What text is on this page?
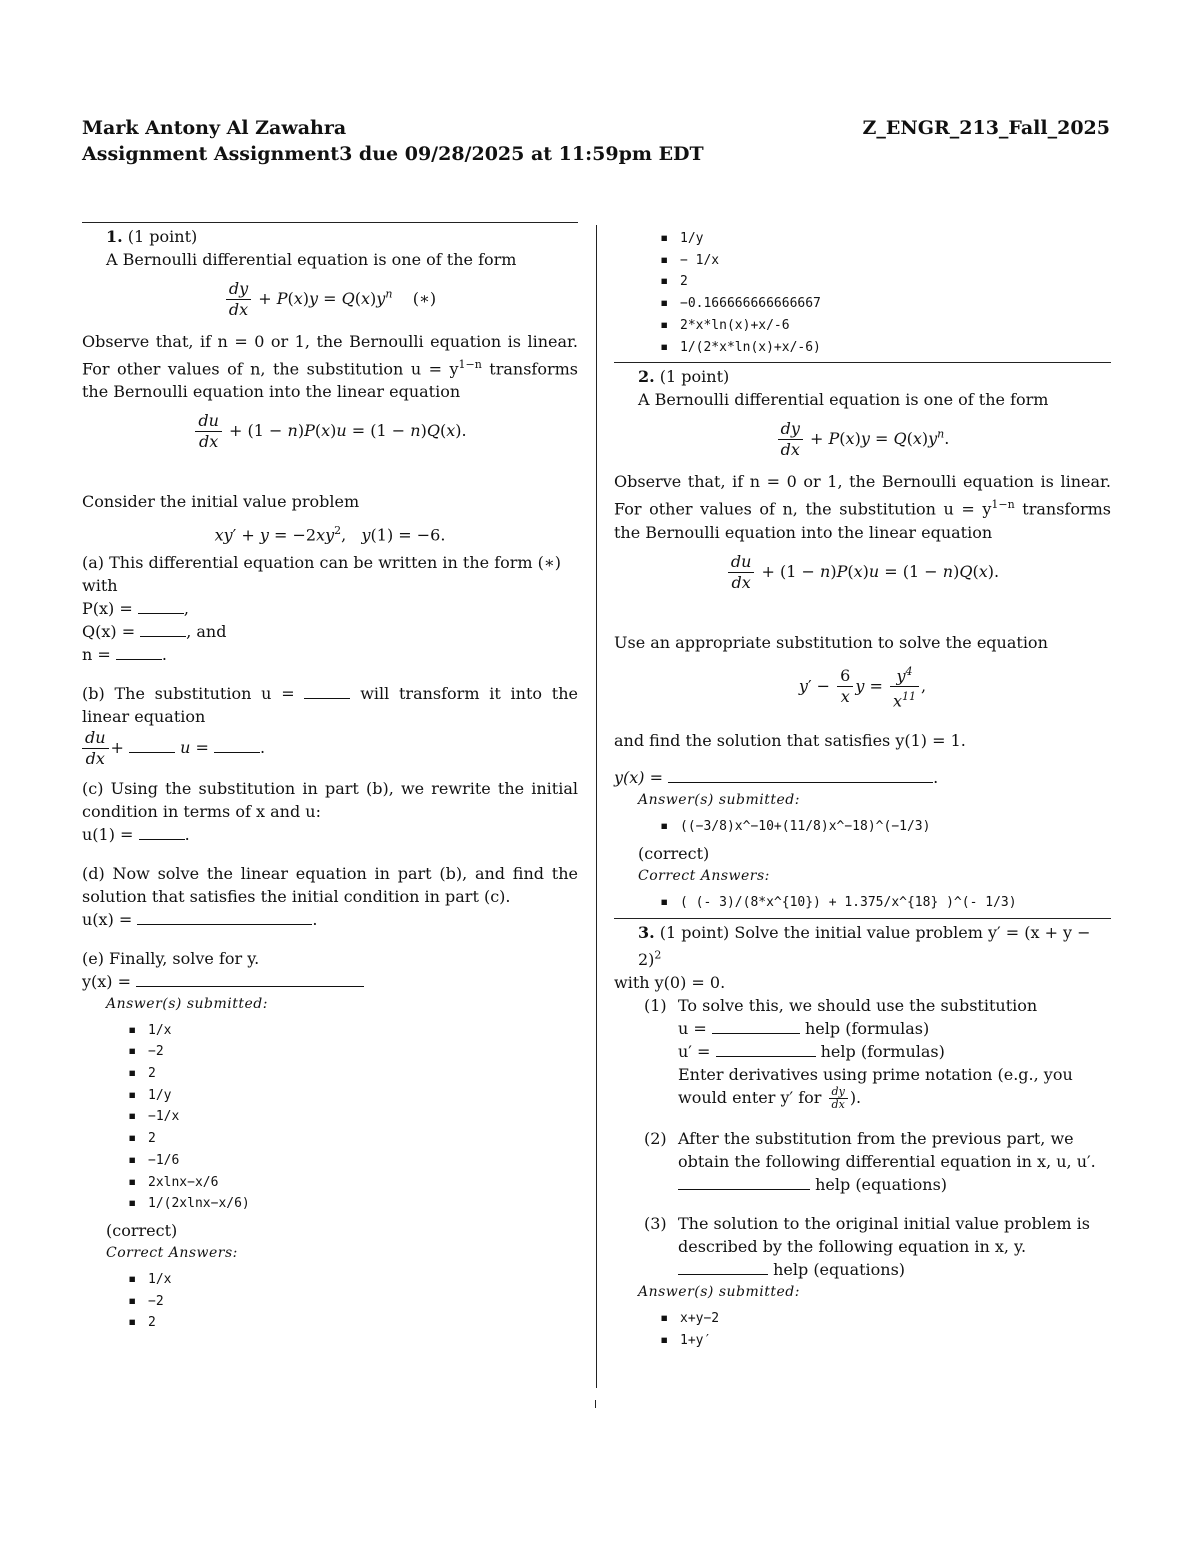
Mark Antony Al Zawahra
Assignment Assignment3 due 09/28/2025 at 11:59pm EDT
Z_ENGR_213_Fall_2025
1. (1 point)
A Bernoulli differential equation is one of the form
$\frac{dy}{dx} + P(x)y = Q(x)y^n$    (∗)
Observe that, if n = 0 or 1, the Bernoulli equation is linear. For other values of n, the substitution $u = y^{1-n}$ transforms the Bernoulli equation into the linear equation
$\frac{du}{dx} + (1 - n)P(x)u = (1 - n)Q(x)$.
Consider the initial value problem
$xy' + y = -2xy^2$,   y(1) = −6.
(a) This differential equation can be written in the form (∗) with
P(x) =	,
Q(x) =	, and
n =	.
(b) The substitution u =	will transform it into the linear equation
$\frac{du}{dx}$ +	u =	.
(c) Using the substitution in part (b), we rewrite the initial condition in terms of x and u:
u(1) =	.
(d) Now solve the linear equation in part (b), and find the solution that satisfies the initial condition in part (c).
u(x) =	.
(e) Finally, solve for y.
y(x) =
Answer(s) submitted:
▪ 1/x
▪ −2
▪ 2
▪ 1/y
▪ −1/x
▪ 2
▪ −1/6
▪ 2xlnx−x/6
▪ 1/(2xlnx−x/6)
(correct)
Correct Answers:
▪ 1/x
▪ −2
▪ 2
▪ 1/y
▪ − 1/x
▪ 2
▪ −0.166666666666667
▪ 2*x*ln(x)+x/-6
▪ 1/(2*x*ln(x)+x/-6)
2. (1 point)
A Bernoulli differential equation is one of the form
$\frac{dy}{dx} + P(x)y = Q(x)y^n$.
Observe that, if n = 0 or 1, the Bernoulli equation is linear. For other values of n, the substitution $u = y^{1-n}$ transforms the Bernoulli equation into the linear equation
$\frac{du}{dx} + (1 - n)P(x)u = (1 - n)Q(x)$.
Use an appropriate substitution to solve the equation
$y' - \frac{6}{x}$ $y = \frac{y^4}{x^{11}}$ ,
and find the solution that satisfies y(1) = 1.
y(x) =	.
Answer(s) submitted:
▪ ((−3/8)x^−10+(11/8)x^−18)^(−1/3)
(correct)
Correct Answers:
▪ ( (- 3)/(8*x^{10}) + 1.375/x^{18} )^(- 1/3)
3. (1 point) Solve the initial value problem $y' = (x + y - 2)^2$
with y(0) = 0.
(1) To solve this, we should use the substitution
u =	help (formulas)
u′ =	help (formulas)
Enter derivatives using prime notation (e.g., you would enter y′ for $\frac{dy}{dx}$ ).
(2) After the substitution from the previous part, we obtain the following differential equation in x, u, u′.
help (equations)
(3) The solution to the original initial value problem is described by the following equation in x, y.
help (equations)
Answer(s) submitted:
▪ x+y−2
▪ 1+y′
